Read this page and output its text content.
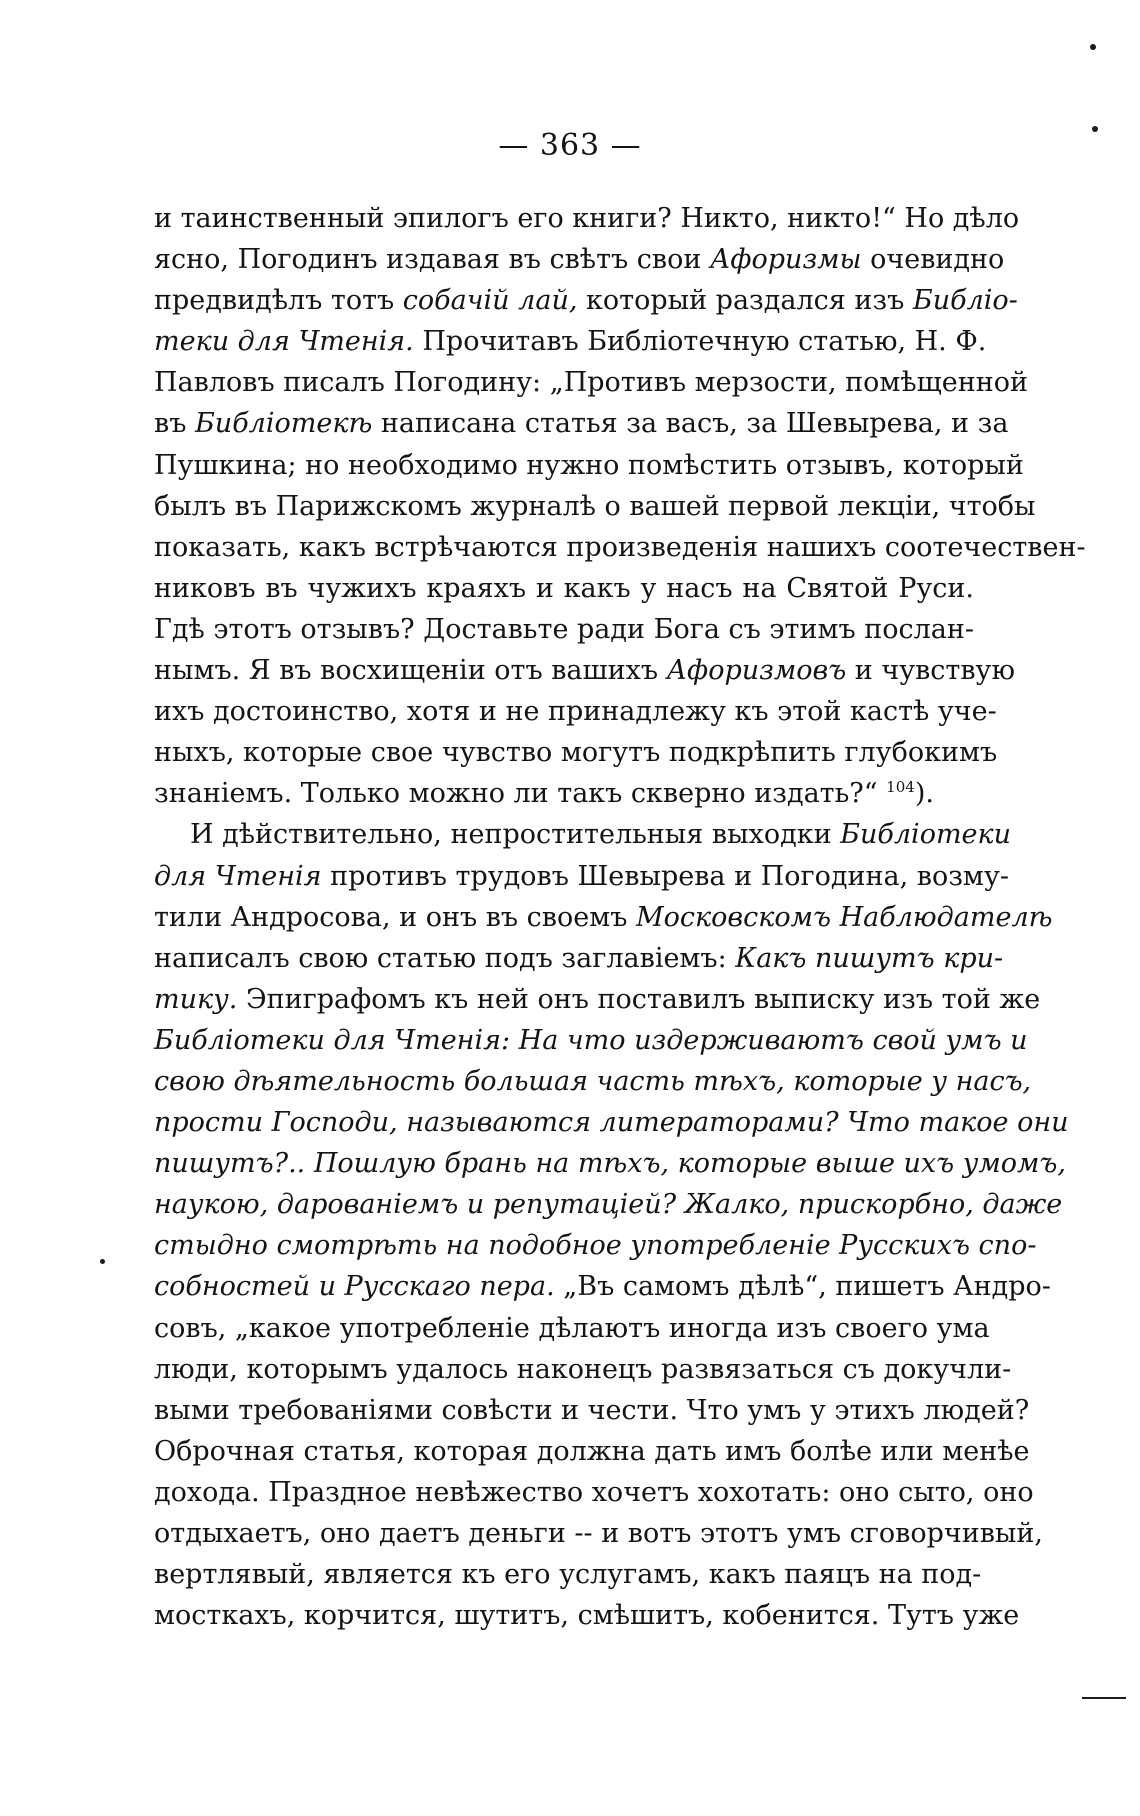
— 363 —
и таинственный эпилогъ его книги? Никто, никто!“ Но дѣло
ясно, Погодинъ издавая въ свѣтъ свои Афоризмы очевидно
предвидѣлъ тотъ собачій лай, который раздался изъ Библіо-
теки для Чтенія. Прочитавъ Библіотечную статью, Н. Ф.
Павловъ писалъ Погодину: „Противъ мерзости, помѣщенной
въ Библіотекѣ написана статья за васъ, за Шевырева, и за
Пушкина; но необходимо нужно помѣстить отзывъ, который
былъ въ Парижскомъ журналѣ о вашей первой лекціи, чтобы
показать, какъ встрѣчаются произведенія нашихъ соотечествен-
никовъ въ чужихъ краяхъ и какъ у насъ на Святой Руси.
Гдѣ этотъ отзывъ? Доставьте ради Бога съ этимъ послан-
нымъ. Я въ восхищеніи отъ вашихъ Афоризмовъ и чувствую
ихъ достоинство, хотя и не принадлежу къ этой кастѣ уче-
ныхъ, которые свое чувство могутъ подкрѣпить глубокимъ
знаніемъ. Только можно ли такъ скверно издать?“ $^{104}$).
И дѣйствительно, непростительныя выходки Библіотеки
для Чтенія противъ трудовъ Шевырева и Погодина, возму-
тили Андросова, и онъ въ своемъ Московскомъ Наблюдателѣ
написалъ свою статью подъ заглавіемъ: Какъ пишутъ кри-
тику. Эпиграфомъ къ ней онъ поставилъ выписку изъ той же
Библіотеки для Чтенія: На что издерживаютъ свой умъ и
свою дѣятельность большая часть тѣхъ, которые у насъ,
прости Господи, называются литераторами? Что такое они
пишутъ?.. Пошлую брань на тѣхъ, которые выше ихъ умомъ,
наукою, дарованіемъ и репутаціей? Жалко, прискорбно, даже
стыдно смотрѣть на подобное употребленіе Русскихъ спо-
собностей и Русскаго пера. „Въ самомъ дѣлѣ“, пишетъ Андро-
совъ, „какое употребленіе дѣлаютъ иногда изъ своего ума
люди, которымъ удалось наконецъ развязаться съ докучли-
выми требованіями совѣсти и чести. Что умъ у этихъ людей?
Оброчная статья, которая должна дать имъ болѣе или менѣе
дохода. Праздное невѣжество хочетъ хохотать: оно сыто, оно
отдыхаетъ, оно даетъ деньги -- и вотъ этотъ умъ сговорчивый,
вертлявый, является къ его услугамъ, какъ паяцъ на под-
мосткахъ, корчится, шутитъ, смѣшитъ, кобенится. Тутъ уже
